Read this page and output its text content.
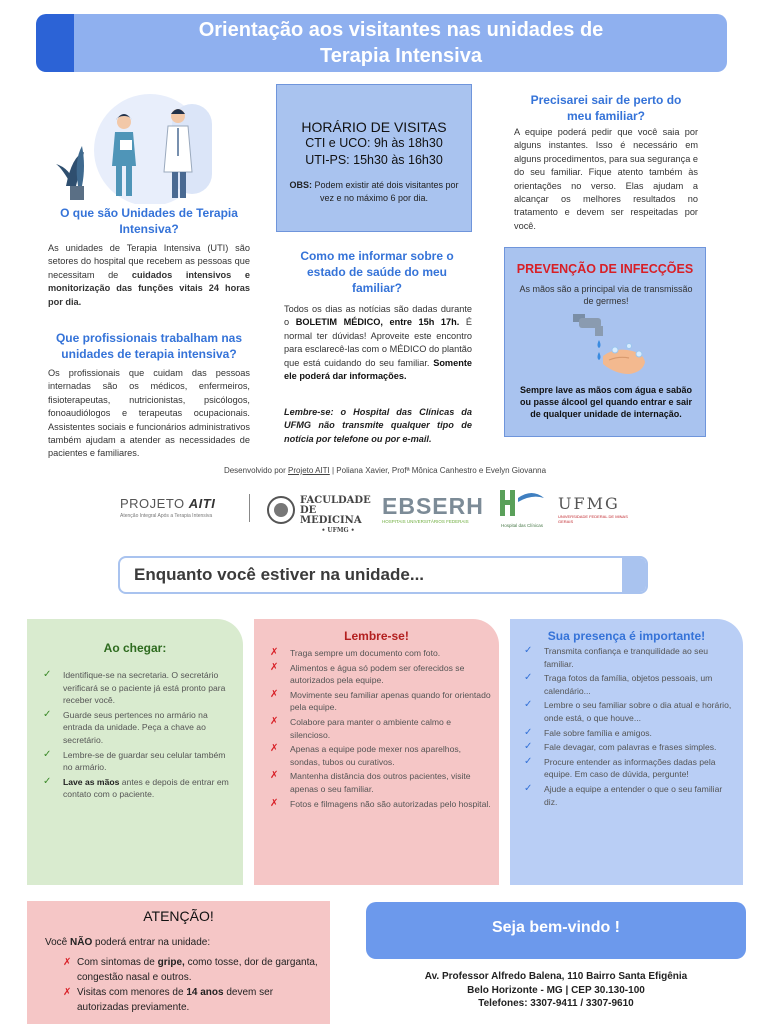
Orientação aos visitantes nas unidades de
Terapia Intensiva
O que são Unidades de Terapia
Intensiva?
As unidades de Terapia Intensiva (UTI) são setores do hospital que recebem as pessoas que necessitam de cuidados intensivos e monitorização das funções vitais 24 horas por dia.
Que profissionais trabalham nas
unidades de terapia intensiva?
Os profissionais que cuidam das pessoas internadas são os médicos, enfermeiros, fisioterapeutas, nutricionistas, psicólogos, fonoaudiólogos e terapeutas ocupacionais. Assistentes sociais e funcionários administrativos também ajudam a atender as necessidades de pacientes e familiares.
HORÁRIO DE VISITAS
CTI e UCO: 9h às 18h30
UTI-PS: 15h30 às 16h30
OBS: Podem existir até dois visitantes por vez e no máximo 6 por dia.
Como me informar sobre o
estado de saúde do meu
familiar?
Todos os dias as notícias são dadas durante o BOLETIM MÉDICO, entre 15h 17h. É normal ter dúvidas! Aproveite este encontro para esclarecê-las com o MÉDICO do plantão que está cuidando do seu familiar. Somente ele poderá dar informações.
Lembre-se: o Hospital das Clínicas da UFMG não transmite qualquer tipo de notícia por telefone ou por e-mail.
Precisarei sair de perto do
meu familiar?
A equipe poderá pedir que você saia por alguns instantes. Isso é necessário em alguns procedimentos, para sua segurança e do seu familiar. Fique atento também às orientações no verso. Elas ajudam a alcançar os melhores resultados no tratamento e devem ser respeitadas por você.
PREVENÇÃO DE INFECÇÕES
As mãos são a principal via de transmissão de germes!
Sempre lave as mãos com água e sabão ou passe álcool gel quando entrar e sair de qualquer unidade de internação.
Desenvolvido por Projeto AITI | Poliana Xavier, Profª Mônica Canhestro e Evelyn Giovanna
PROJETO AITI
Atenção Integral Após a Terapia Intensiva
FACULDADE
DE MEDICINA
• UFMG •
EBSERH
HOSPITAIS UNIVERSITÁRIOS FEDERAIS
Hospital das Clínicas
UFMG
UNIVERSIDADE FEDERAL DE MINAS GERAIS
Enquanto você estiver na unidade...
Ao chegar:
✓ Identifique-se na secretaria. O secretário verificará se o paciente já está pronto para receber você.
✓ Guarde seus pertences no armário na entrada da unidade. Peça a chave ao secretário.
✓ Lembre-se de guardar seu celular também no armário.
✓ Lave as mãos antes e depois de entrar em contato com o paciente.
Lembre-se!
✗ Traga sempre um documento com foto.
✗ Alimentos e água só podem ser oferecidos se autorizados pela equipe.
✗ Movimente seu familiar apenas quando for orientado pela equipe.
✗ Colabore para manter o ambiente calmo e silencioso.
✗ Apenas a equipe pode mexer nos aparelhos, sondas, tubos ou curativos.
✗ Mantenha distância dos outros pacientes, visite apenas o seu familiar.
✗ Fotos e filmagens não são autorizadas pelo hospital.
Sua presença é importante!
✓ Transmita confiança e tranquilidade ao seu familiar.
✓ Traga fotos da família, objetos pessoais, um calendário...
✓ Lembre o seu familiar sobre o dia atual e horário, onde está, o que houve...
✓ Fale sobre família e amigos.
✓ Fale devagar, com palavras e frases simples.
✓ Procure entender as informações dadas pela equipe. Em caso de dúvida, pergunte!
✓ Ajude a equipe a entender o que o seu familiar diz.
ATENÇÃO!
Você NÃO poderá entrar na unidade:
✗ Com sintomas de gripe, como tosse, dor de garganta, congestão nasal e outros.
✗ Visitas com menores de 14 anos devem ser autorizadas previamente.
Seja bem-vindo !
Av. Professor Alfredo Balena, 110 Bairro Santa Efigênia
Belo Horizonte - MG | CEP 30.130-100
Telefones: 3307-9411 / 3307-9610
